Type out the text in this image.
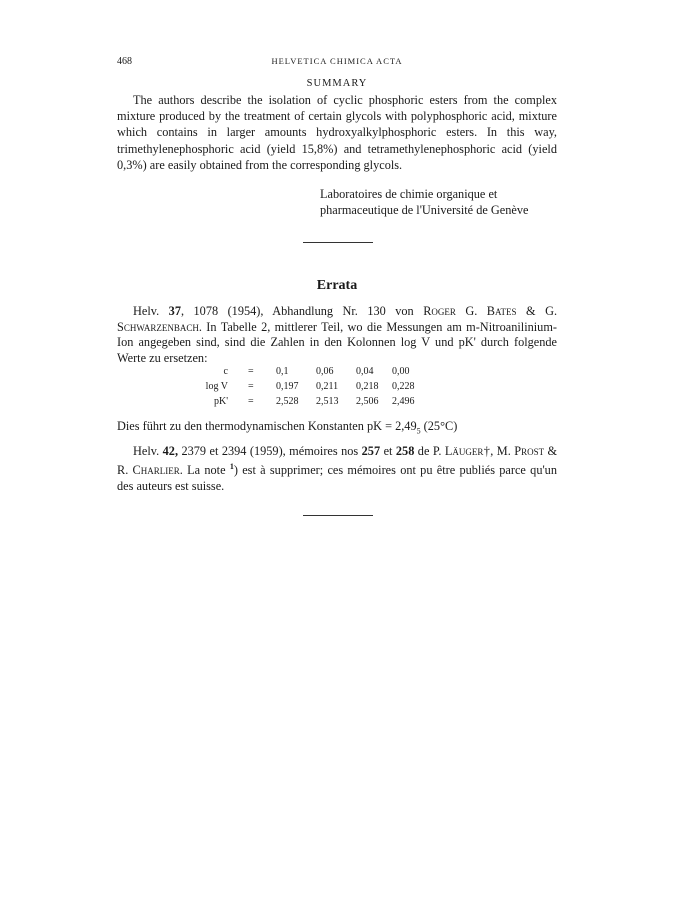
468	HELVETICA CHIMICA ACTA
SUMMARY

The authors describe the isolation of cyclic phosphoric esters from the complex mixture produced by the treatment of certain glycols with polyphosphoric acid, mixture which contains in larger amounts hydroxyalkylphosphoric esters. In this way, trimethylenephosphoric acid (yield 15,8%) and tetramethylenephosphoric acid (yield 0,3%) are easily obtained from the corresponding glycols.

Laboratoires de chimie organique et
pharmaceutique de l'Université de Genève
Errata

Helv. 37, 1078 (1954), Abhandlung Nr. 130 von Roger G. Bates & G. Schwarzenbach. In Tabelle 2, mittlerer Teil, wo die Messungen am m-Nitroanilinium-Ion angegeben sind, sind die Zahlen in den Kolonnen log V und pK' durch folgende Werte zu ersetzen:

c = 0,1	0,06 0,04 0,00
log V = 0,197 0,211 0,218 0,228
pK' = 2,528 2,513 2,506 2,496

Dies führt zu den thermodynamischen Konstanten pK = $2,49_5$ (25°C)

Helv. 42, 2379 et 2394 (1959), mémoires nos 257 et 258 de P. Läuger†, M. Prost & R. Charlier. La note $^1$) est à supprimer; ces mémoires ont pu être publiés parce qu'un des auteurs est suisse.
